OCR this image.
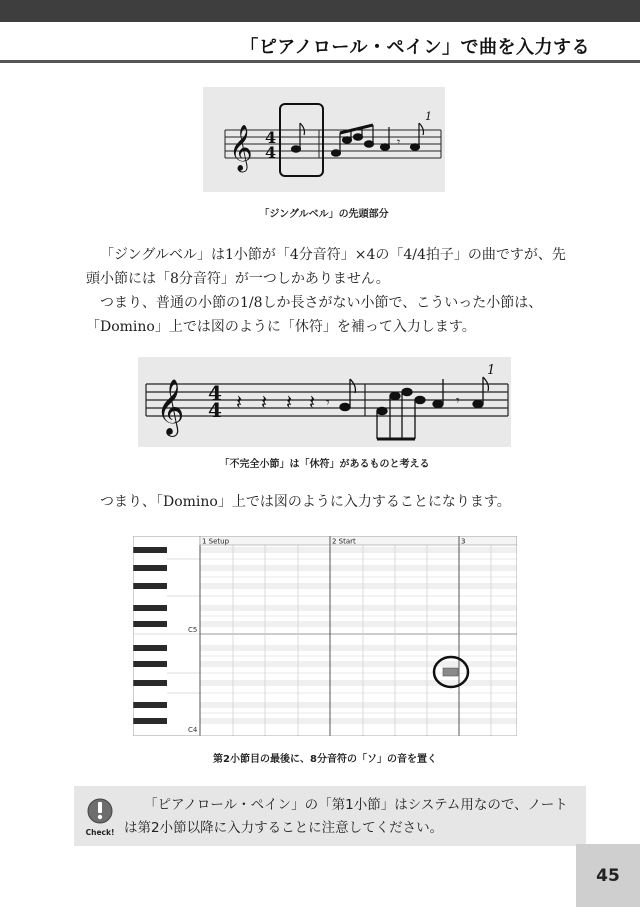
「ピアノロール・ペイン」で曲を入力する
𝄞 4
4
𝄾
1
「ジングルベル」の先頭部分

「ジングルベル」は1小節が「4分音符」×4の「4/4拍子」の曲ですが、先

頭小節には「8分音符」が一つしかありません。

つまり、普通の小節の1/8しか長さがない小節で、こういった小節は、

「Domino」上では図のように「休符」を補って入力します。

𝄞 4
4 𝄽 𝄽 𝄽 𝄽 𝄾	𝄾
1
「不完全小節」は「休符」があるものと考える

つまり、「Domino」上では図のように入力することになります。

C5
C4
1 Setup	2 Start	3
第2小節目の最後に、8分音符の「ソ」の音を置く
Check!
「ピアノロール・ペイン」の「第1小節」はシステム用なので、ノート
は第2小節以降に入力することに注意してください。
45
